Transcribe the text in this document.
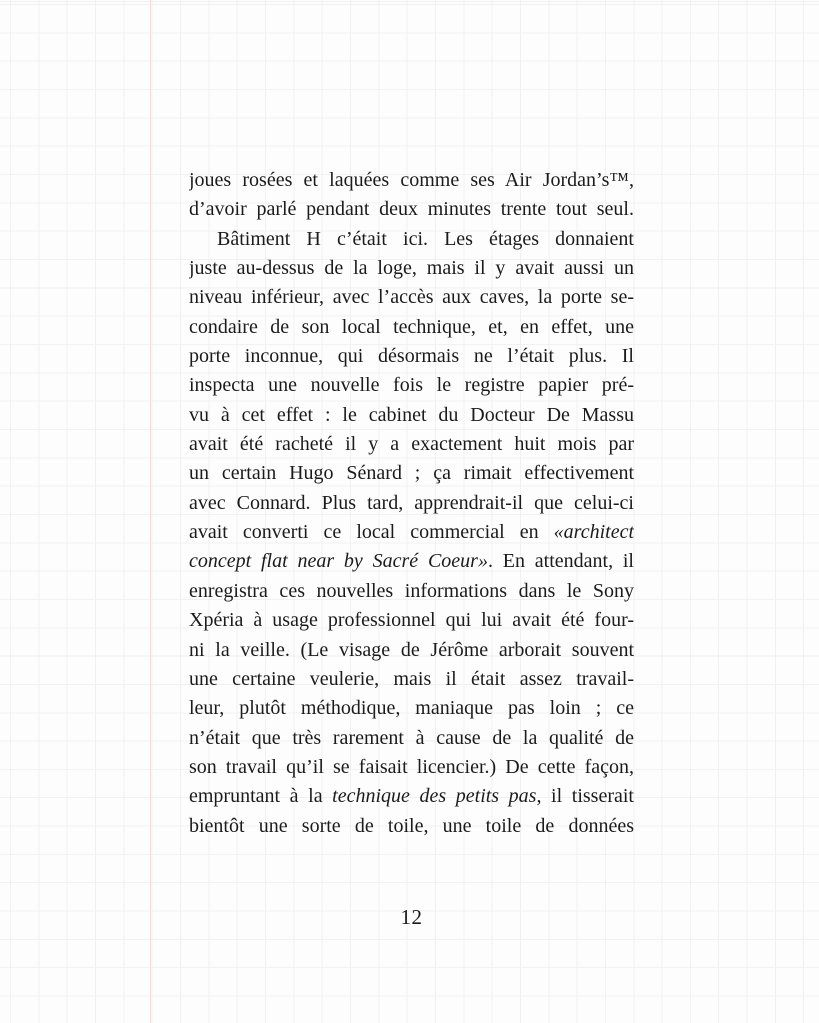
joues rosées et laquées comme ses Air Jordan’s™,
d’avoir parlé pendant deux minutes trente tout seul.
Bâtiment H c’était ici. Les étages donnaient
juste au-dessus de la loge, mais il y avait aussi un
niveau inférieur, avec l’accès aux caves, la porte se-
condaire de son local technique, et, en effet, une
porte inconnue, qui désormais ne l’était plus. Il
inspecta une nouvelle fois le registre papier pré-
vu à cet effet : le cabinet du Docteur De Massu
avait été racheté il y a exactement huit mois par
un certain Hugo Sénard ; ça rimait effectivement
avec Connard. Plus tard, apprendrait-il que celui-ci
avait converti ce local commercial en «architect
concept flat near by Sacré Coeur». En attendant, il
enregistra ces nouvelles informations dans le Sony
Xpéria à usage professionnel qui lui avait été four-
ni la veille. (Le visage de Jérôme arborait souvent
une certaine veulerie, mais il était assez travail-
leur, plutôt méthodique, maniaque pas loin ; ce
n’était que très rarement à cause de la qualité de
son travail qu’il se faisait licencier.) De cette façon,
empruntant à la technique des petits pas, il tisserait
bientôt une sorte de toile, une toile de données
12
